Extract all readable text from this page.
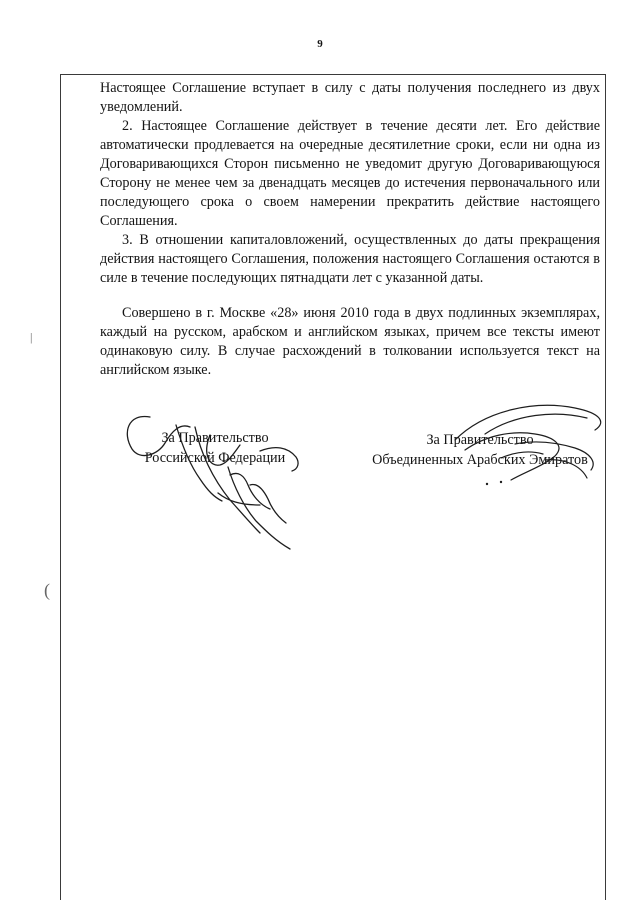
9
|
(

Настоящее Соглашение вступает в силу с даты получения последнего из двух уведомлений.

2. Настоящее Соглашение действует в течение десяти лет. Его действие автоматически продлевается на очередные десятилетние сроки, если ни одна из Договаривающихся Сторон письменно не уведомит другую Договаривающуюся Сторону не менее чем за двенадцать месяцев до истечения первоначального или последующего срока о своем намерении прекратить действие настоящего Соглашения.

3. В отношении капиталовложений, осуществленных до даты прекращения действия настоящего Соглашения, положения настоящего Соглашения остаются в силе в течение последующих пятнадцати лет с указанной даты.

Совершено в г. Москве «28» июня 2010 года в двух подлинных экземплярах, каждый на русском, арабском и английском языках, причем все тексты имеют одинаковую силу. В случае расхождений в толковании используется текст на английском языке.

За Правительство
Российской Федерации
За Правительство
Объединенных Арабских Эмиратов
